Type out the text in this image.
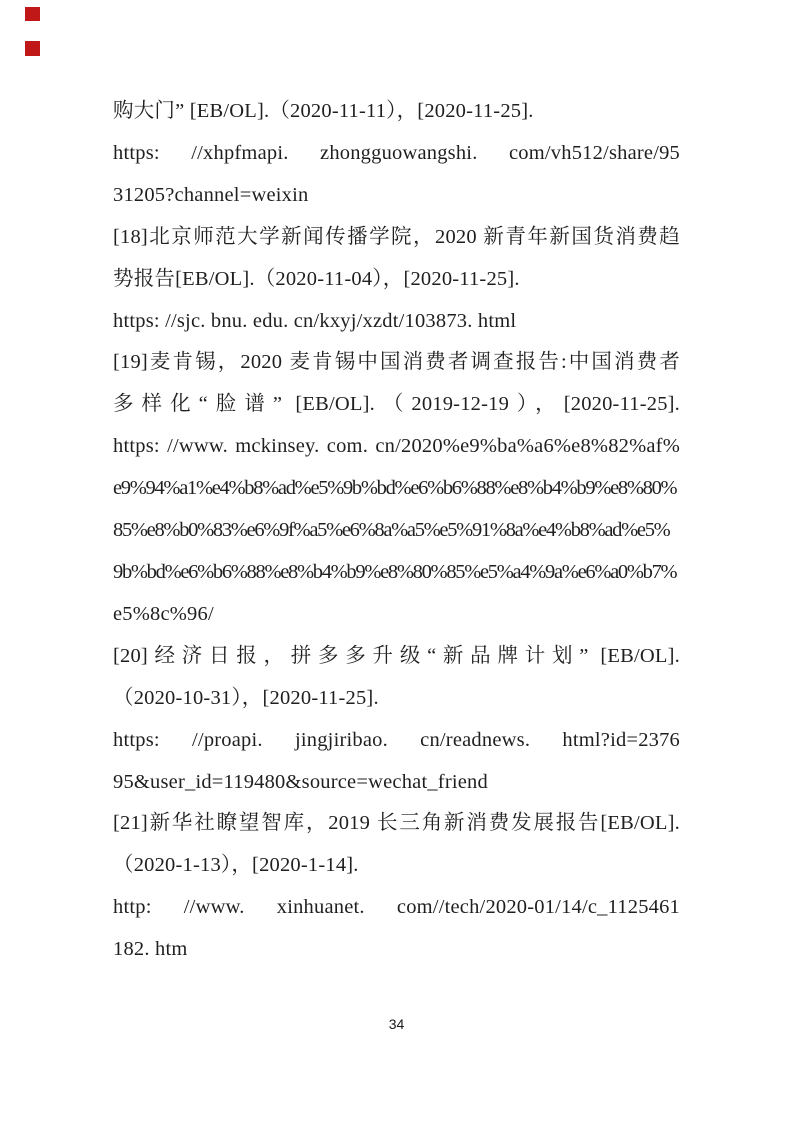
购大门” [EB/OL].（2020-11-11），[2020-11-25].
https: //xhpfmapi. zhongguowangshi. com/vh512/share/95
31205?channel=weixin
[18]北京师范大学新闻传播学院，2020 新青年新国货消费趋
势报告[EB/OL].（2020-11-04），[2020-11-25].
https: //sjc. bnu. edu. cn/kxyj/xzdt/103873. html
[19]麦肯锡，2020 麦肯锡中国消费者调查报告:中国消费者
多样化“脸谱” [EB/OL].（2019-12-19），[2020-11-25].
https: //www. mckinsey. com. cn/2020%e9%ba%a6%e8%82%af%
e9%94%a1%e4%b8%ad%e5%9b%bd%e6%b6%88%e8%b4%b9%e8%80%
85%e8%b0%83%e6%9f%a5%e6%8a%a5%e5%91%8a%e4%b8%ad%e5%
9b%bd%e6%b6%88%e8%b4%b9%e8%80%85%e5%a4%9a%e6%a0%b7%
e5%8c%96/
[20]经济日报，拼多多升级“新品牌计划” [EB/OL].
（2020-10-31），[2020-11-25].
https: //proapi. jingjiribao. cn/readnews. html?id=2376
95&user_id=119480&source=wechat_friend
[21]新华社瞭望智库，2019 长三角新消费发展报告[EB/OL].
（2020-1-13），[2020-1-14].
http: //www. xinhuanet. com//tech/2020-01/14/c_1125461
182. htm
34
